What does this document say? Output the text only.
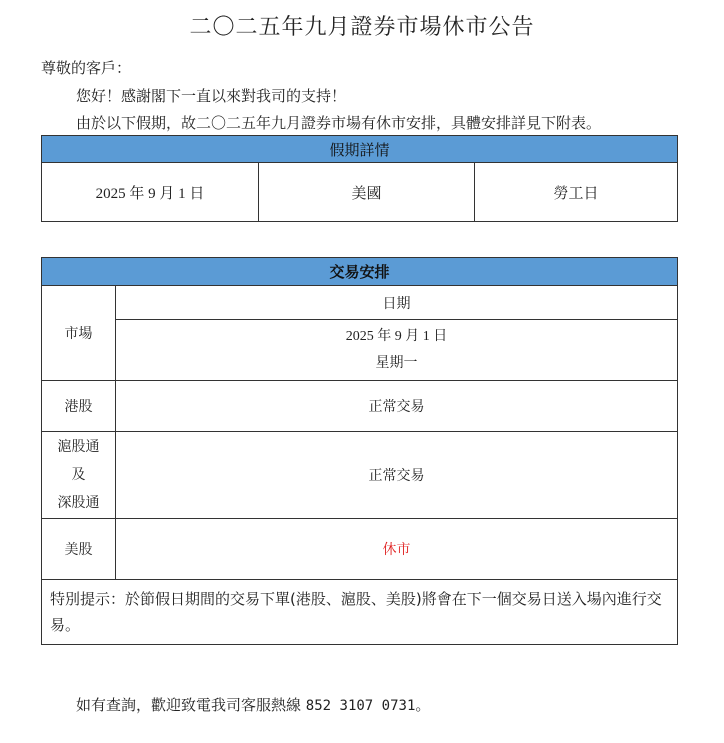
二〇二五年九月證券市場休市公告
尊敬的客戶：
您好！感謝閣下一直以來對我司的支持！
由於以下假期，故二〇二五年九月證券市場有休市安排，具體安排詳見下附表。
假期詳情
2025 年 9 月 1 日	美國	勞工日
交易安排	
市場	日期

	2025 年 9 月 1 日
星期一

港股	正常交易

滬股通
及
深股通	正常交易
美股	休市
特別提示：於節假日期間的交易下單(港股、滬股、美股)將會在下一個交易日送入場內進行交易。	
如有查詢，歡迎致電我司客服熱線 852 3107 0731。
